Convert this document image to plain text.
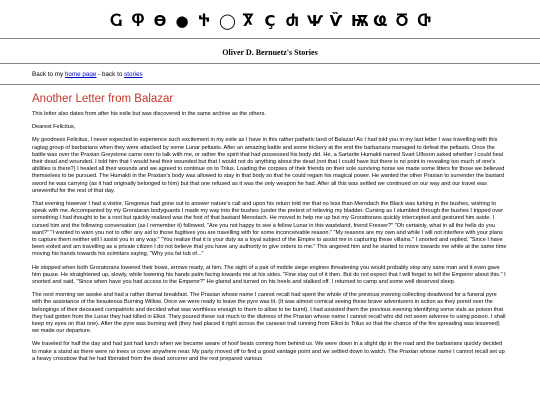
Ⴚ Ⴔ Ѳ ● Ⴕ ◯ Ⴟ Ҫ Ⴛ Ѱ Ѷ Ѭ Ҩ Ⴃ Ⴇ
Oliver D. Bernuetz's Stories
Back to my home page - back to stories
Another Letter from Balazar

This letter also dates from after his exile but was discovered in the same archive as the others.

Dearest Felicitus,

My goodness Felicitus, I never expected to experience such excitement in my exile as I have in this rather pathetic land of Balazar! As I had told you in my last letter I was travelling with this ragtag group of barbarians when they were attacked by some Lunar peltasts. After an amazing battle and some trickery at the end the barbarians managed to defeat the peltasts. Once the battle was over the Praxian Greystone came over to talk with me, or rather the spirit that had possessed his body did. He, a Sartarite Humakti named Svart Ulfsson asked whether I could heal their dead and wounded. I told him that I would heal their wounded but that I would not do anything about the dead (not that I could have but there is no point in revealing too much of one's abilities is there?) I healed all their wounds and we agreed to continue on to Trilus. Loading the corpses of their friends on their sole surviving horse we made some litters for those we believed themselves to be pursued. The Humakti in the Praxian's body was allowed to stay in that body so that he could regain his magical power. He wanted the other Praxian to surrender the bastard sword he was carrying (as it had originally belonged to him) but that one refused as it was the only weapon he had. After all this was settled we continued on our way and our travel was uneventful for the rest of that day.

That evening however I had a visitor. Gregorius had gone out to answer nature's call and upon his return told me that no less than Merodach the Black was lurking in the bushes, wishing to speak with me. Accompanied by my Grorataran bodyguards I made my way into the bushes (under the pretext of relieving my bladder. Cursing as I stumbled through the bushes I tripped over something I had thought to be a root but quickly realized was the foot of that bastard Merodach. He moved to help me up but my Grorattorans quickly intercepted and gestured him aside. I cursed him and the following conversation (as I remember it) followed. "Are you not happy to see a fellow Lunar in this wasteland, friend Fresser?" "Oh certainly, what in all the hells do you want?" "I wanted to warn you not to offer any aid to those fugitives you are travelling with for some inconceivable reason." "My reasons are my own and while I will not interfere with your plans to capture them neither will I assist you in any way." "You realize that it is your duty as a loyal subject of the Empire to assist me in capturing these villains." I snorted and replied, "Since I have been exiled and am travelling as a private citizen I do not believe that you have any authority to give orders to me." This angered him and he started to move towards me while at the same time moving his hands towards his scimitars saying, "Why you fat tub of..."

He stopped when both Groratorans lowered their bows, arrows ready, at him. The sight of a pair of mobile siege engines threatening you would probably stop any sane man and it even gave him pause. He straightened up, slowly, while lowering his hands palm facing towards me at his sides. "Fine stay out of it then. But do not expect that I will forget to tell the Emperor about this." I snorted and said, "Since when have you had access to the Emperor?" He glared and turned on his heels and stalked off. I returned to camp and some well deserved sleep.

The next morning we awoke and had a rather dismal breakfast. The Praxian whose name I cannot recall had spent the whole of the previous evening collecting deadwood for a funeral pyre with the assistance of the beauteous Burning Willow. Once we were ready to leave the pyre was lit. (It was almost comical seeing these brave adventurers in action as they pored over the belongings of their deceased compatriots and decided what was worthless enough to them to allow to be burnt). I had assisted them the previous evening identifying some vials as poison that they had gotten from the Lunar they had killed in Elkoi. They poured these out much to the distress of the Praxian whose name I cannot recall who did not seem adverse to using poison. I shall keep my eyes on that one). After the pyre was burning well (they had placed it right across the caravan trail running from Elkoi to Trilus so that the chance of the fire spreading was lessened) we made our departure.

We traveled for half the day and had just had lunch when we became aware of hoof beats coming from behind us. We were down in a slight dip in the road and the barbarians quickly decided to make a stand as there were no trees or cover anywhere near. My party moved off to find a good vantage point and we settled down to watch. The Praxian whose name I cannot recall set up a heavy crossbow that he had liberated from the dead sorcerer and the rest prepared various
